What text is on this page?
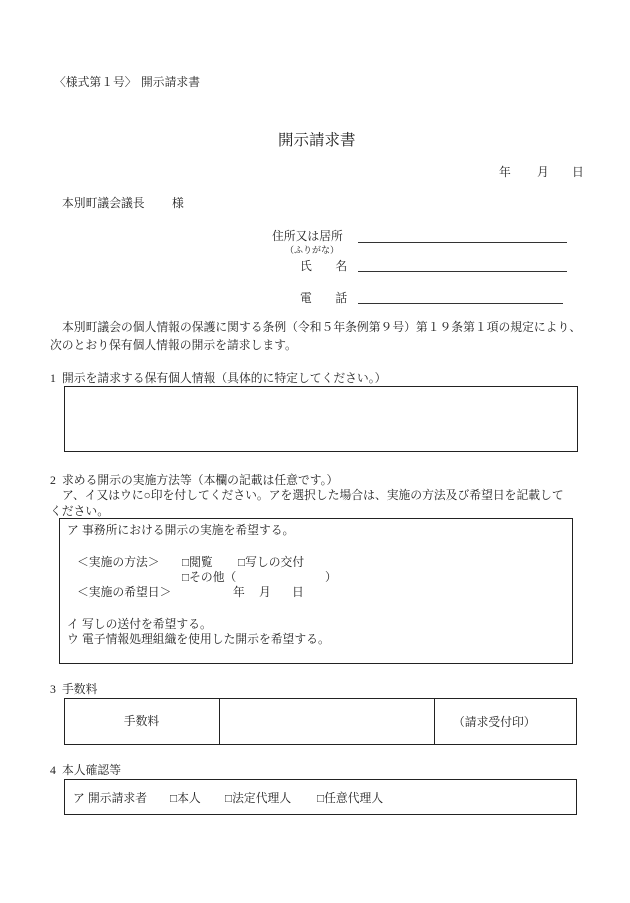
〈様式第１号〉 開示請求書
開示請求書
年 月 日
本別町議会議長 様
住所又は居所
（ふりがな）
氏　　名
電　　話
本別町議会の個人情報の保護に関する条例（令和５年条例第９号）第１９条第１項の規定により、
次のとおり保有個人情報の開示を請求します。
1 開示を請求する保有個人情報（具体的に特定してください。）
2 求める開示の実施方法等（本欄の記載は任意です。）
ア、イ又はウに○印を付してください。アを選択した場合は、実施の方法及び希望日を記載して
ください。
ア 事務所における開示の実施を希望する。
＜実施の方法＞ □閲覧 □写しの交付
□その他（	）
＜実施の希望日＞	年 月 日
イ 写しの送付を希望する。
ウ 電子情報処理組織を使用した開示を希望する。
3 手数料
手数料	（請求受付印）
4 本人確認等
ア 開示請求者 □本人 □法定代理人 □任意代理人
